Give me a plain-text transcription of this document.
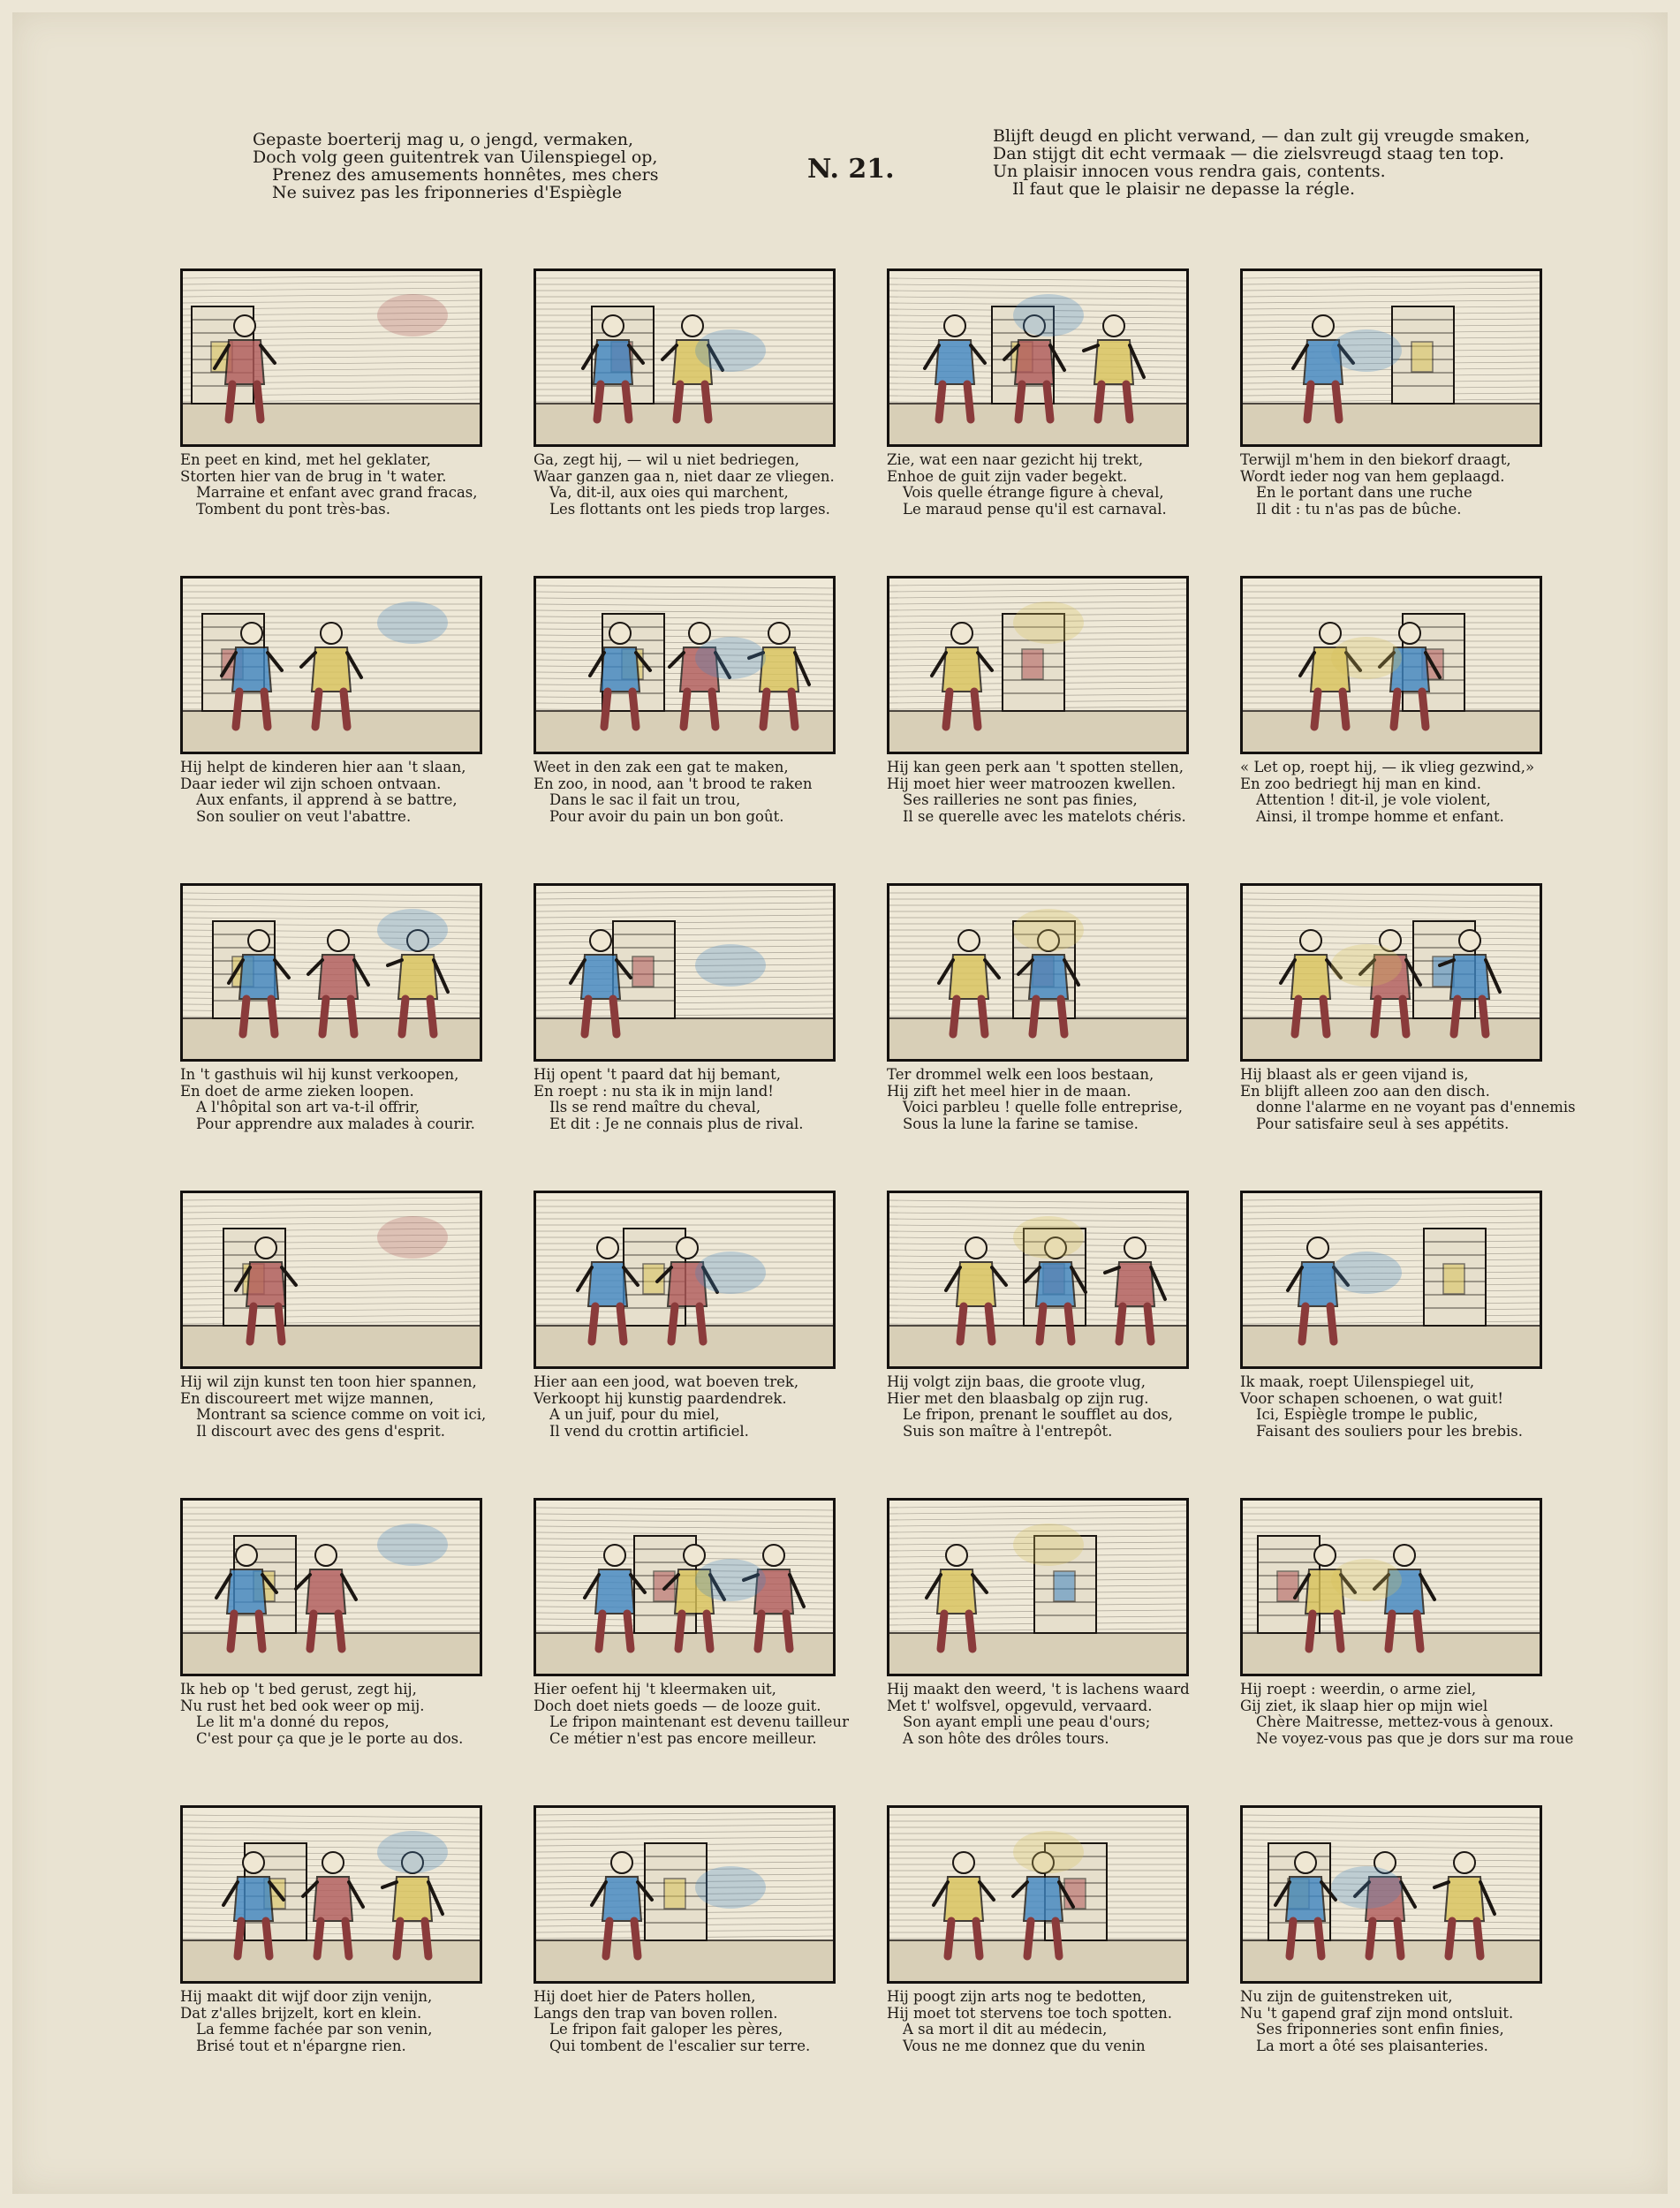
Gepaste boerterij mag u, o jengd, vermaken,
Doch volg geen guitentrek van Uilenspiegel op,
Prenez des amusements honnêtes, mes chers
Ne suivez pas les friponneries d'Espiègle
N. 21.
Blijft deugd en plicht verwand, — dan zult gij vreugde smaken,
Dan stijgt dit echt vermaak — die zielsvreugd staag ten top.
Un plaisir innocen vous rendra gais, contents.
Il faut que le plaisir ne depasse la régle.
En peet en kind, met hel geklater,
Storten hier van de brug in 't water.
Marraine et enfant avec grand fracas,
Tombent du pont très-bas.
Ga, zegt hij, — wil u niet bedriegen,
Waar ganzen gaa n, niet daar ze vliegen.
Va, dit-il, aux oies qui marchent,
Les flottants ont les pieds trop larges.
Zie, wat een naar gezicht hij trekt,
Enhoe de guit zijn vader begekt.
Vois quelle étrange figure à cheval,
Le maraud pense qu'il est carnaval.
Terwijl m'hem in den biekorf draagt,
Wordt ieder nog van hem geplaagd.
En le portant dans une ruche
Il dit : tu n'as pas de bûche.
Hij helpt de kinderen hier aan 't slaan,
Daar ieder wil zijn schoen ontvaan.
Aux enfants, il apprend à se battre,
Son soulier on veut l'abattre.
Weet in den zak een gat te maken,
En zoo, in nood, aan 't brood te raken
Dans le sac il fait un trou,
Pour avoir du pain un bon goût.
Hij kan geen perk aan 't spotten stellen,
Hij moet hier weer matroozen kwellen.
Ses railleries ne sont pas finies,
Il se querelle avec les matelots chéris.
« Let op, roept hij, — ik vlieg gezwind,»
En zoo bedriegt hij man en kind.
Attention ! dit-il, je vole violent,
Ainsi, il trompe homme et enfant.
In 't gasthuis wil hij kunst verkoopen,
En doet de arme zieken loopen.
A l'hôpital son art va-t-il offrir,
Pour apprendre aux malades à courir.
Hij opent 't paard dat hij bemant,
En roept : nu sta ik in mijn land!
Ils se rend maître du cheval,
Et dit : Je ne connais plus de rival.
Ter drommel welk een loos bestaan,
Hij zift het meel hier in de maan.
Voici parbleu ! quelle folle entreprise,
Sous la lune la farine se tamise.
Hij blaast als er geen vijand is,
En blijft alleen zoo aan den disch.
donne l'alarme en ne voyant pas d'ennemis
Pour satisfaire seul à ses appétits.
Hij wil zijn kunst ten toon hier spannen,
En discoureert met wijze mannen,
Montrant sa science comme on voit ici,
Il discourt avec des gens d'esprit.
Hier aan een jood, wat boeven trek,
Verkoopt hij kunstig paardendrek.
A un juif, pour du miel,
Il vend du crottin artificiel.
Hij volgt zijn baas, die groote vlug,
Hier met den blaasbalg op zijn rug.
Le fripon, prenant le soufflet au dos,
Suis son maître à l'entrepôt.
Ik maak, roept Uilenspiegel uit,
Voor schapen schoenen, o wat guit!
Ici, Espiègle trompe le public,
Faisant des souliers pour les brebis.
Ik heb op 't bed gerust, zegt hij,
Nu rust het bed ook weer op mij.
Le lit m'a donné du repos,
C'est pour ça que je le porte au dos.
Hier oefent hij 't kleermaken uit,
Doch doet niets goeds — de looze guit.
Le fripon maintenant est devenu tailleur
Ce métier n'est pas encore meilleur.
Hij maakt den weerd, 't is lachens waard
Met t' wolfsvel, opgevuld, vervaard.
Son ayant empli une peau d'ours;
A son hôte des drôles tours.
Hij roept : weerdin, o arme ziel,
Gij ziet, ik slaap hier op mijn wiel
Chère Maitresse, mettez-vous à genoux.
Ne voyez-vous pas que je dors sur ma roue
Hij maakt dit wijf door zijn venijn,
Dat z'alles brijzelt, kort en klein.
La femme fachée par son venin,
Brisé tout et n'épargne rien.
Hij doet hier de Paters hollen,
Langs den trap van boven rollen.
Le fripon fait galoper les pères,
Qui tombent de l'escalier sur terre.
Hij poogt zijn arts nog te bedotten,
Hij moet tot stervens toe toch spotten.
A sa mort il dit au médecin,
Vous ne me donnez que du venin
Nu zijn de guitenstreken uit,
Nu 't gapend graf zijn mond ontsluit.
Ses friponneries sont enfin finies,
La mort a ôté ses plaisanteries.
